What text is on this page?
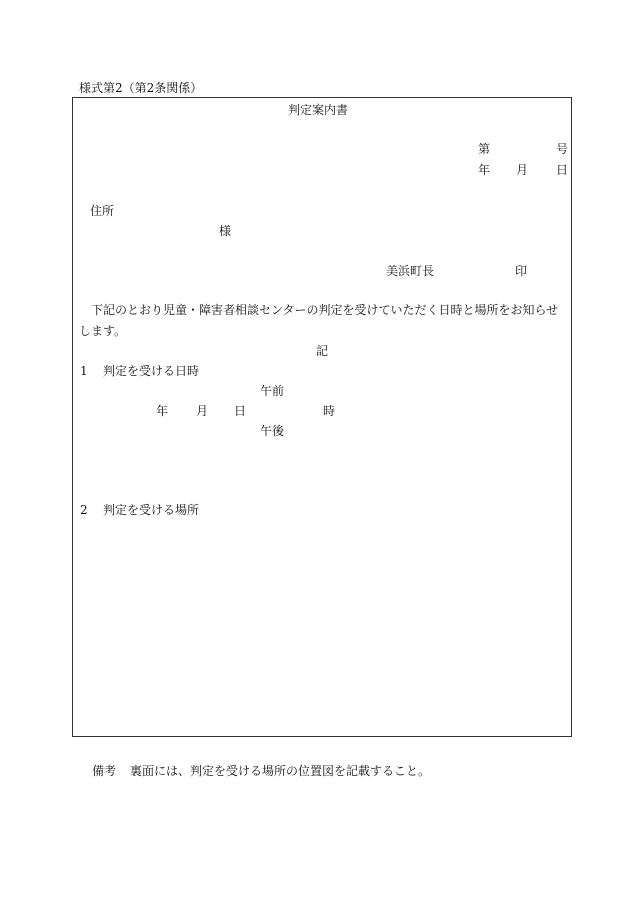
様式第2（第2条関係）
判定案内書
第	号
年 月 日
住所
様
美浜町長	印
下記のとおり児童・障害者相談センターの判定を受けていただく日時と場所をお知らせします。
記
1 判定を受ける日時
午前
年 月 日	時
午後
2 判定を受ける場所
備考 裏面には、判定を受ける場所の位置図を記載すること。
